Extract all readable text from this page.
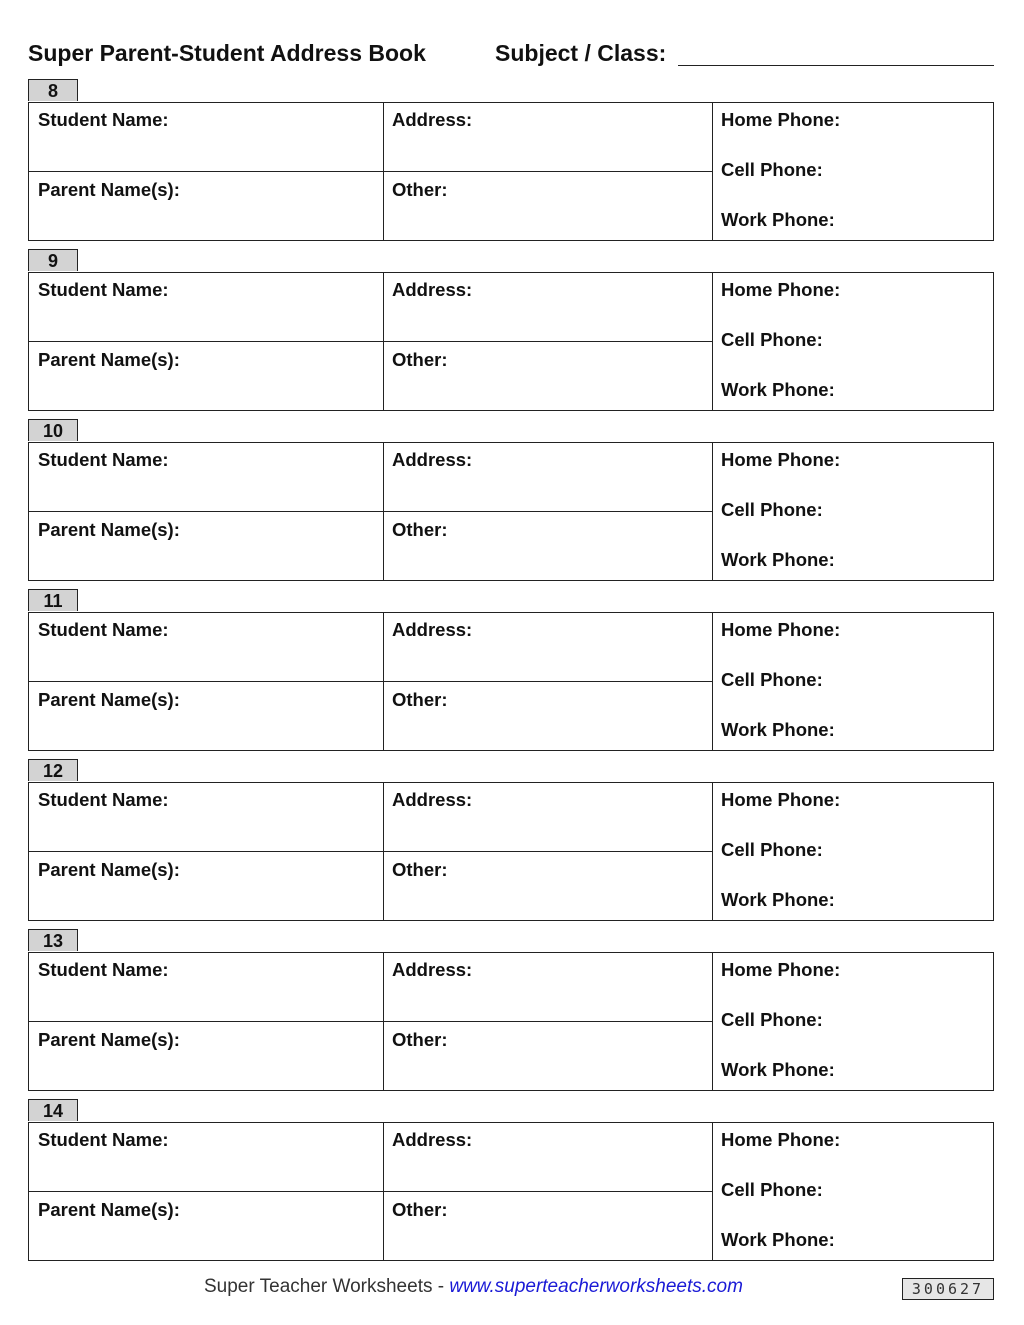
Super Parent-Student Address Book	Subject / Class:
8
Student Name:
Parent Name(s):
Address:
Other:
Home Phone:
Cell Phone:
Work Phone:
9
Student Name:
Parent Name(s):
Address:
Other:
Home Phone:
Cell Phone:
Work Phone:
10
Student Name:
Parent Name(s):
Address:
Other:
Home Phone:
Cell Phone:
Work Phone:
11
Student Name:
Parent Name(s):
Address:
Other:
Home Phone:
Cell Phone:
Work Phone:
12
Student Name:
Parent Name(s):
Address:
Other:
Home Phone:
Cell Phone:
Work Phone:
13
Student Name:
Parent Name(s):
Address:
Other:
Home Phone:
Cell Phone:
Work Phone:
14
Student Name:
Parent Name(s):
Address:
Other:
Home Phone:
Cell Phone:
Work Phone:
Super Teacher Worksheets - www.superteacherworksheets.com	300627
